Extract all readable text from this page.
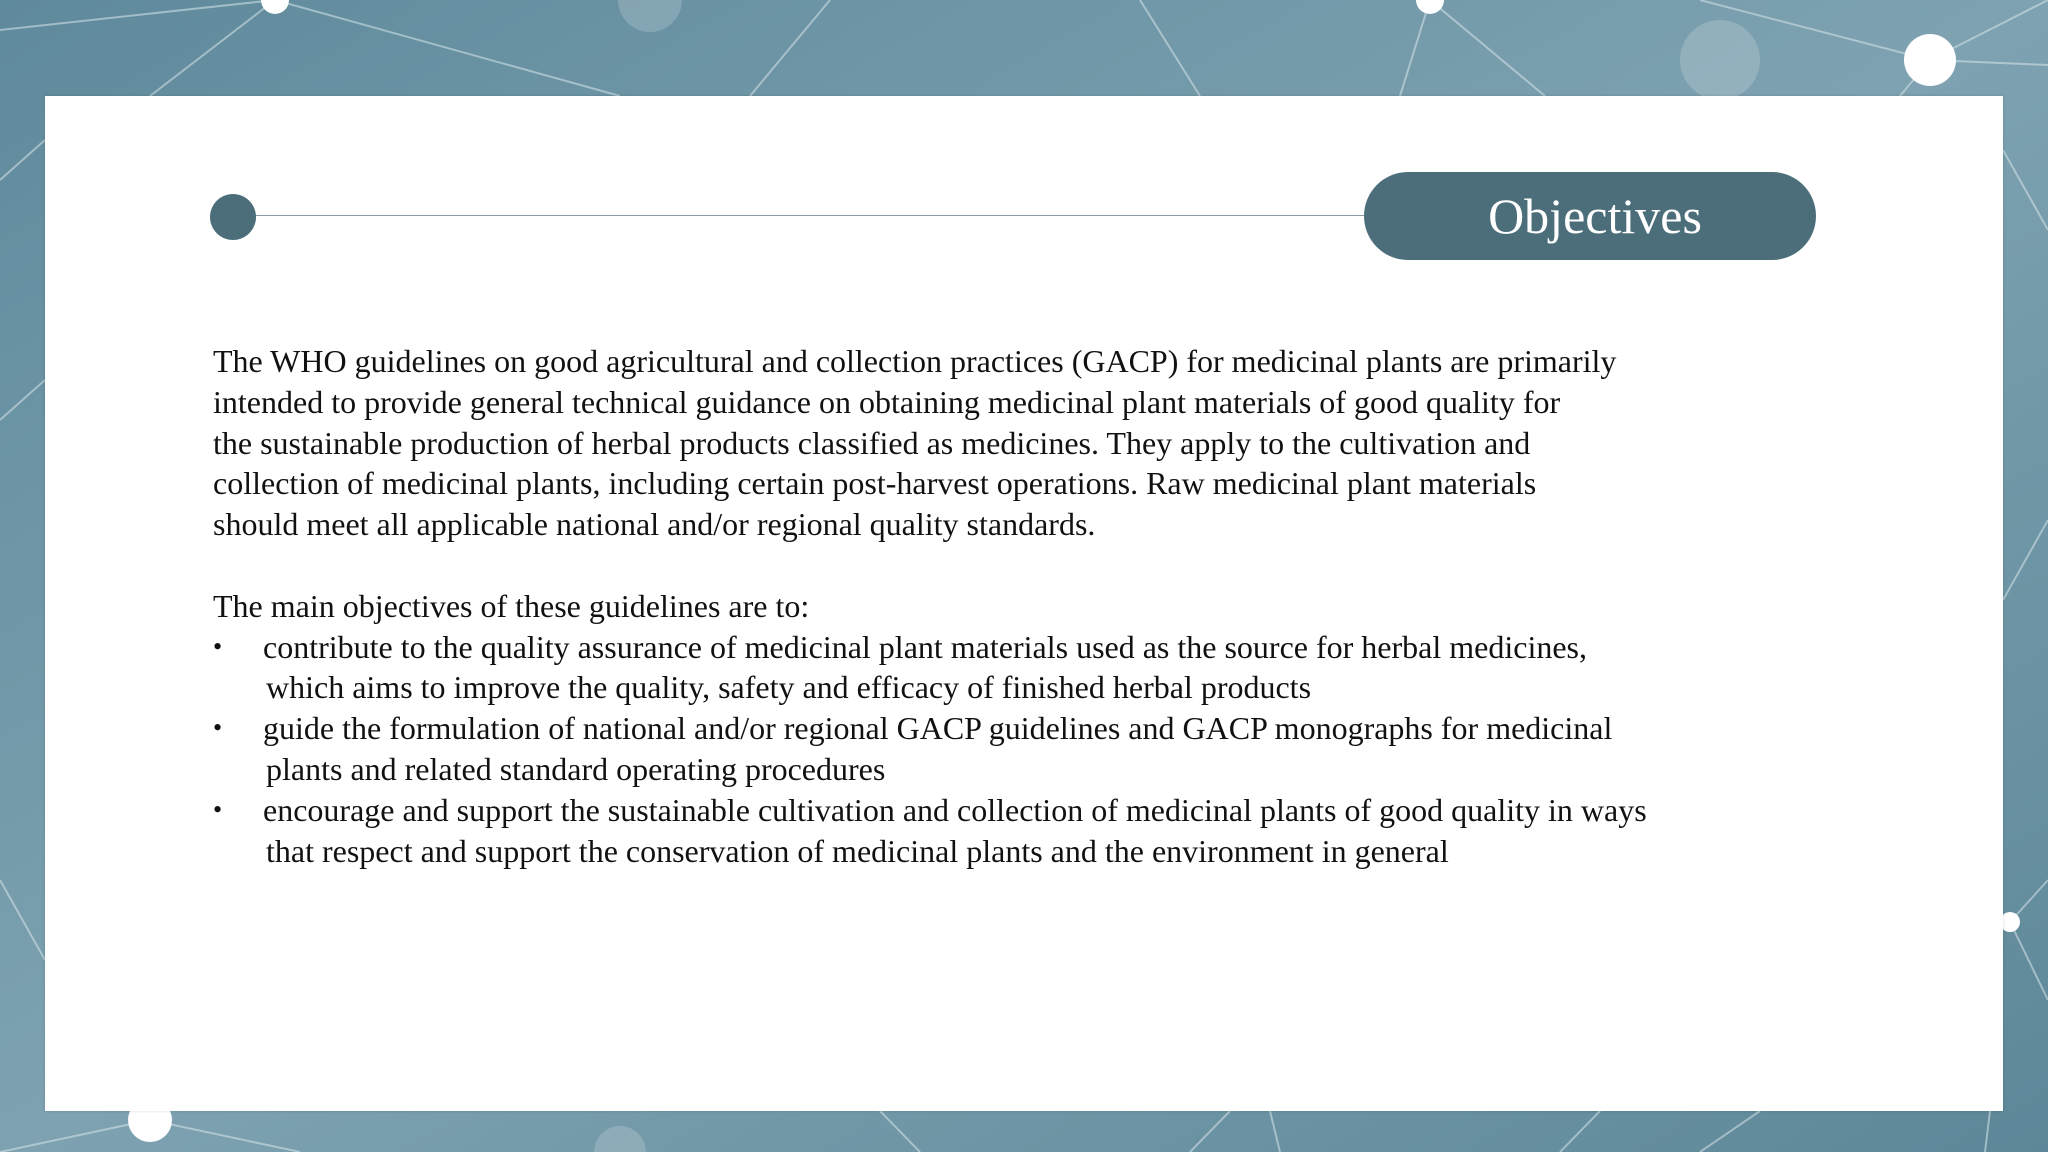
Objectives

The WHO guidelines on good agricultural and collection practices (GACP) for medicinal plants are primarily
intended to provide general technical guidance on obtaining medicinal plant materials of good quality for
the sustainable production of herbal products classified as medicines. They apply to the cultivation and
collection of medicinal plants, including certain post-harvest operations. Raw medicinal plant materials
should meet all applicable national and/or regional quality standards.

The main objectives of these guidelines are to:

•	contribute to the quality assurance of medicinal plant materials used as the source for herbal medicines,
which aims to improve the quality, safety and efficacy of finished herbal products
•	guide the formulation of national and/or regional GACP guidelines and GACP monographs for medicinal
plants and related standard operating procedures
•	encourage and support the sustainable cultivation and collection of medicinal plants of good quality in ways
that respect and support the conservation of medicinal plants and the environment in general
